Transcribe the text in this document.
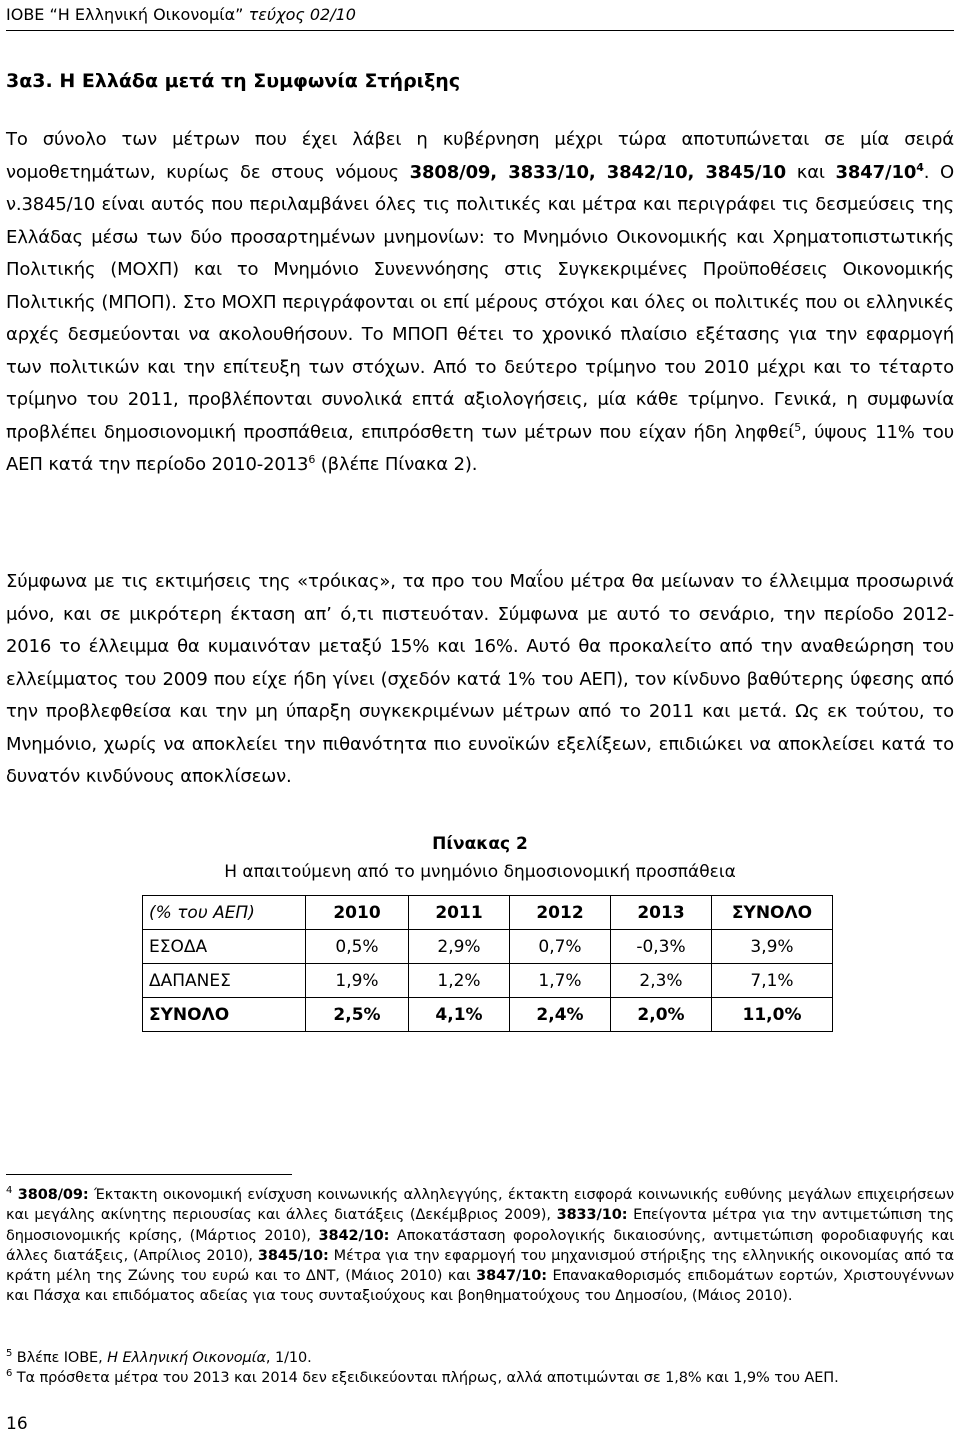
ΙΟΒΕ “Η Ελληνική Οικονομία” τεύχος 02/10
3α3. Η Ελλάδα μετά τη Συμφωνία Στήριξης
Το σύνολο των μέτρων που έχει λάβει η κυβέρνηση μέχρι τώρα αποτυπώνεται σε μία σειρά νομοθετημάτων, κυρίως δε στους νόμους 3808/09, 3833/10, 3842/10, 3845/10 και $3847/10^4$. Ο ν.3845/10 είναι αυτός που περιλαμβάνει όλες τις πολιτικές και μέτρα και περιγράφει τις δεσμεύσεις της Ελλάδας μέσω των δύο προσαρτημένων μνημονίων: το Μνημόνιο Οικονομικής και Χρηματοπιστωτικής Πολιτικής (ΜΟΧΠ) και το Μνημόνιο Συνεννόησης στις Συγκεκριμένες Προϋποθέσεις Οικονομικής Πολιτικής (ΜΠΟΠ). Στο ΜΟΧΠ περιγράφονται οι επί μέρους στόχοι και όλες οι πολιτικές που οι ελληνικές αρχές δεσμεύονται να ακολουθήσουν. Το ΜΠΟΠ θέτει το χρονικό πλαίσιο εξέτασης για την εφαρμογή των πολιτικών και την επίτευξη των στόχων. Από το δεύτερο τρίμηνο του 2010 μέχρι και το τέταρτο τρίμηνο του 2011, προβλέπονται συνολικά επτά αξιολογήσεις, μία κάθε τρίμηνο. Γενικά, η συμφωνία προβλέπει δημοσιονομική προσπάθεια, επιπρόσθετη των μέτρων που είχαν ήδη ληφθεί$^5$, ύψους 11% του ΑΕΠ κατά την περίοδο 2010-2013$^6$ (βλέπε Πίνακα 2).
Σύμφωνα με τις εκτιμήσεις της «τρόικας», τα προ του Μαΐου μέτρα θα μείωναν το έλλειμμα προσωρινά μόνο, και σε μικρότερη έκταση απ’ ό,τι πιστευόταν. Σύμφωνα με αυτό το σενάριο, την περίοδο 2012-2016 το έλλειμμα θα κυμαινόταν μεταξύ 15% και 16%. Αυτό θα προκαλείτο από την αναθεώρηση του ελλείμματος του 2009 που είχε ήδη γίνει (σχεδόν κατά 1% του ΑΕΠ), τον κίνδυνο βαθύτερης ύφεσης από την προβλεφθείσα και την μη ύπαρξη συγκεκριμένων μέτρων από το 2011 και μετά. Ως εκ τούτου, το Μνημόνιο, χωρίς να αποκλείει την πιθανότητα πιο ευνοϊκών εξελίξεων, επιδιώκει να αποκλείσει κατά το δυνατόν κινδύνους αποκλίσεων.
Πίνακας 2
Η απαιτούμενη από το μνημόνιο δημοσιονομική προσπάθεια
(% του ΑΕΠ)	2010	2011	2012	2013	ΣΥΝΟΛΟ
ΕΣΟΔΑ	0,5%	2,9%	0,7%	-0,3%	3,9%
ΔΑΠΑΝΕΣ	1,9%	1,2%	1,7%	2,3%	7,1%
ΣΥΝΟΛΟ	2,5%	4,1%	2,4%	2,0%	11,0%
$^4$ 3808/09: Έκτακτη οικονομική ενίσχυση κοινωνικής αλληλεγγύης, έκτακτη εισφορά κοινωνικής ευθύνης μεγάλων επιχειρήσεων και μεγάλης ακίνητης περιουσίας και άλλες διατάξεις (Δεκέμβριος 2009), 3833/10: Επείγοντα μέτρα για την αντιμετώπιση της δημοσιονομικής κρίσης, (Μάρτιος 2010), 3842/10: Αποκατάσταση φορολογικής δικαιοσύνης, αντιμετώπιση φοροδιαφυγής και άλλες διατάξεις, (Απρίλιος 2010), 3845/10: Μέτρα για την εφαρμογή του μηχανισμού στήριξης της ελληνικής οικονομίας από τα κράτη μέλη της Ζώνης του ευρώ και το ΔΝΤ, (Μάιος 2010) και 3847/10: Επανακαθορισμός επιδομάτων εορτών, Χριστουγέννων και Πάσχα και επιδόματος αδείας για τους συνταξιούχους και βοηθηματούχους του Δημοσίου, (Μάιος 2010).
$^5$ Βλέπε ΙΟΒΕ, Η Ελληνική Οικονομία, 1/10.
$^6$ Τα πρόσθετα μέτρα του 2013 και 2014 δεν εξειδικεύονται πλήρως, αλλά αποτιμώνται σε 1,8% και 1,9% του ΑΕΠ.
16
